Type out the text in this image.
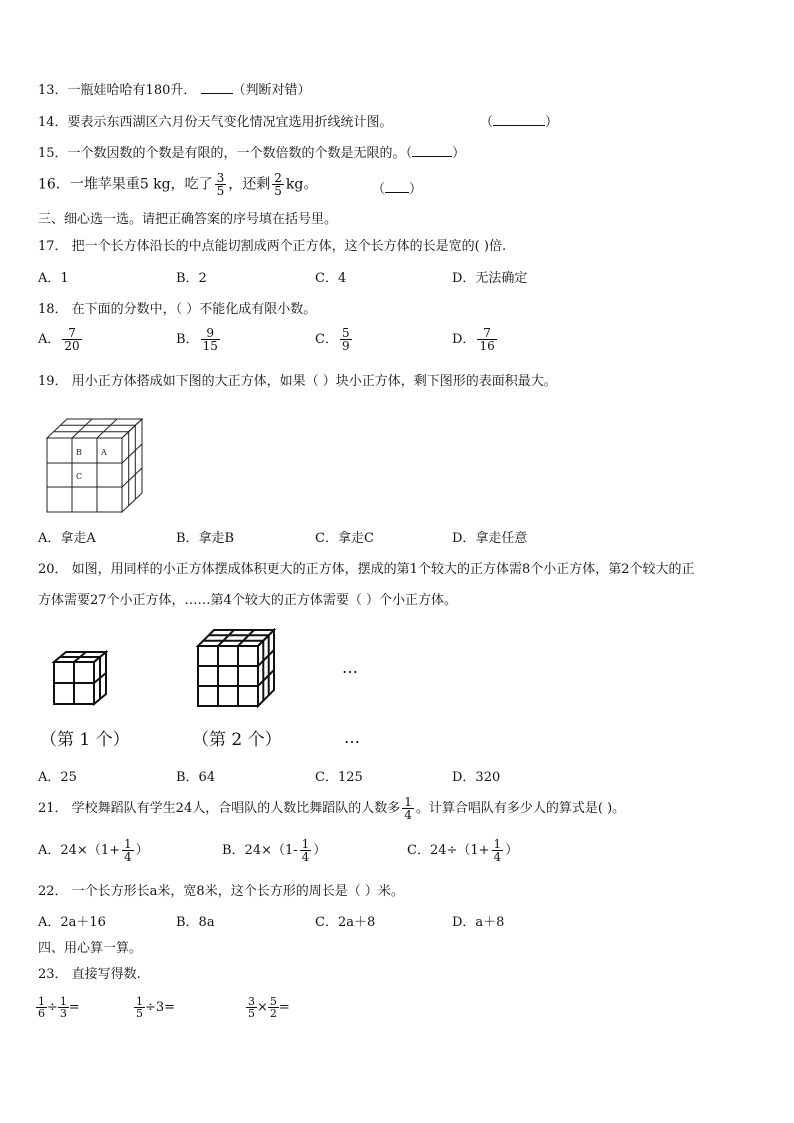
13．一瓶娃哈哈有180升．	（判断对错）
14．要表示东西湖区六月份天气变化情况宜选用折线统计图。	（	）
15．一个数因数的个数是有限的，一个数倍数的个数是无限的。（	）
16．一堆苹果重5 kg，吃了 $\frac{3}{5}$ ，还剩 $\frac{2}{5}$ kg。	（ ）
三、细心选一选。请把正确答案的序号填在括号里。
17． 把一个长方体沿长的中点能切割成两个正方体，这个长方体的长是宽的( )倍.
A．1	B．2	C．4	D．无法确定
18． 在下面的分数中，（ ）不能化成有限小数。
A． $\frac{7}{20}$	B． $\frac{9}{15}$	C． $\frac{5}{9}$	D． $\frac{7}{16}$
19． 用小正方体搭成如下图的大正方体，如果（ ）块小正方体，剩下图形的表面积最大。
B A
C
A．拿走A	B．拿走B	C．拿走C	D．拿走任意
20． 如图，用同样的小正方体摆成体积更大的正方体，摆成的第1个较大的正方体需8个小正方体，第2个较大的正
方体需要27个小正方体，……第4个较大的正方体需要（ ）个小正方体。
…
（第 1 个）	（第 2 个）	…
A．25	B．64	C．125	D．320
21． 学校舞蹈队有学生24人，合唱队的人数比舞蹈队的人数多 $\frac{1}{4}$ 。计算合唱队有多少人的算式是( )。
A．$24\times(1+ \frac{1}{4}$ ）	B．$24\times(1- \frac{1}{4}$ ）	C．$24\div(1+ \frac{1}{4}$ ）
22． 一个长方形长a米，宽8米，这个长方形的周长是（ ）米。
A．2a＋16	B．8a	C．2a＋8	D．a＋8
四、用心算一算。
23． 直接写得数.
$\frac{1}{6} \div \frac{1}{3}$ =	$\frac{1}{5} \div 3=$	$\frac{3}{5} \times \frac{5}{2}$ =
